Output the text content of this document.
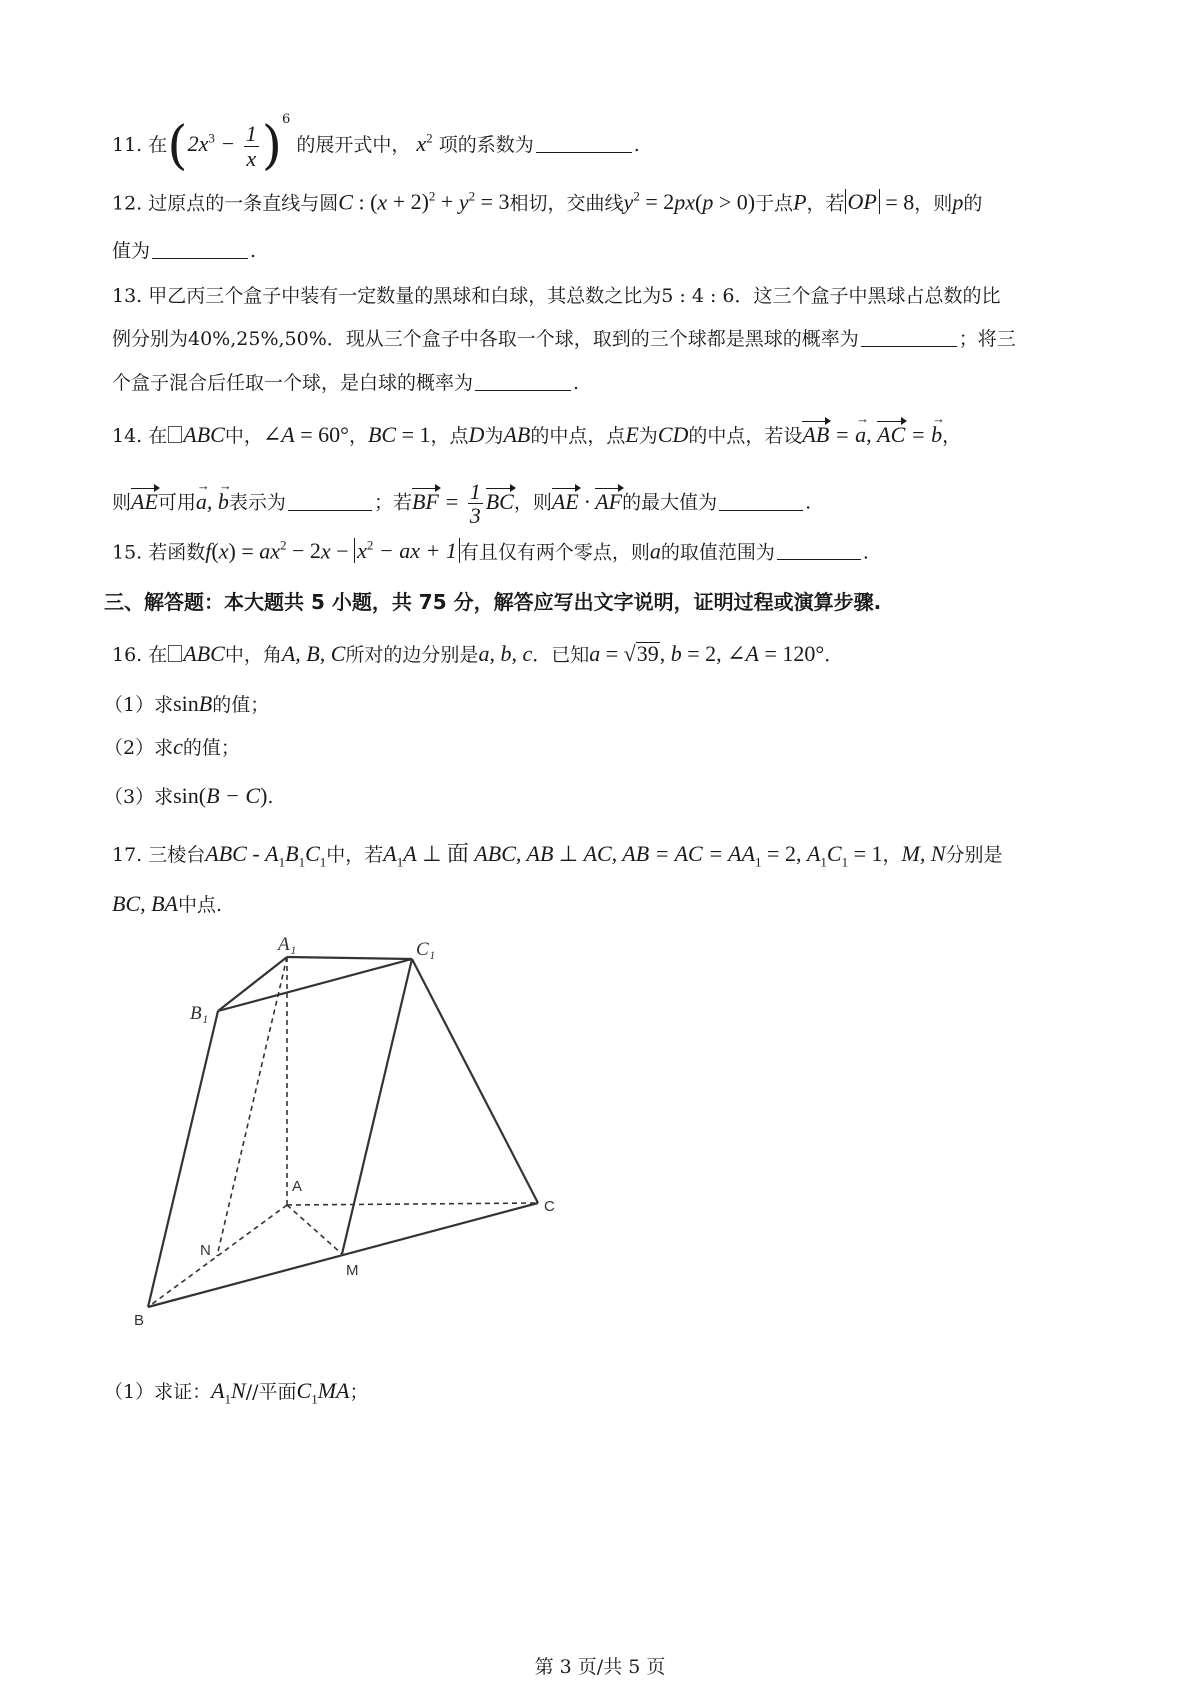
11. 在$(2x^3 - \frac{1}{x} )^6$ 的展开式中， $x^2$ 项的系数为	.
12. 过原点的一条直线与圆C : $(x + 2)^2 + y^2 = 3$相切，交曲线$y^2 = 2px(p > 0)$于点P，若 OP = 8，则p的
值为	.
13. 甲乙丙三个盒子中装有一定数量的黑球和白球，其总数之比为5 : 4 : 6．这三个盒子中黑球占总数的比
例分别为40%,25%,50%．现从三个盒子中各取一个球，取到的三个球都是黑球的概率为	；将三
个盒子混合后任取一个球，是白球的概率为	.
14. 在 ABC中，∠A = 60°，BC = 1，点D为AB的中点，点E为CD的中点，若设AB = → a, AC = → b，
则AE可用→ a, → b表示为	；若BF = $\frac{1}{3}$ BC，则AE · AF的最大值为	.
15. 若函数$f(x) = ax^2 - 2x - x^2$ − ax + 1 有且仅有两个零点，则a的取值范围为	.
三、解答题：本大题共 5 小题，共 75 分，解答应写出文字说明，证明过程或演算步骤.
16. 在 ABC中，角A, B, C所对的边分别是a, b, c．已知a = √39, b = 2, ∠A = 120°．
（1）求sinB的值；
（2）求c的值；
（3）求sin(B − C).
17. 三棱台ABC - $A_1B_1C_1$中，若$A_1A$ ⊥ 面 ABC, AB ⊥ AC, AB = AC = $AA_1 = 2$, $A_1C_1 = 1$，M, N分别是
BC, BA中点.
A₁	C₁
B₁
A
C
N
M
B
（1）求证：$A_1N//$平面$C_1MA$；
第 3 页/共 5 页
